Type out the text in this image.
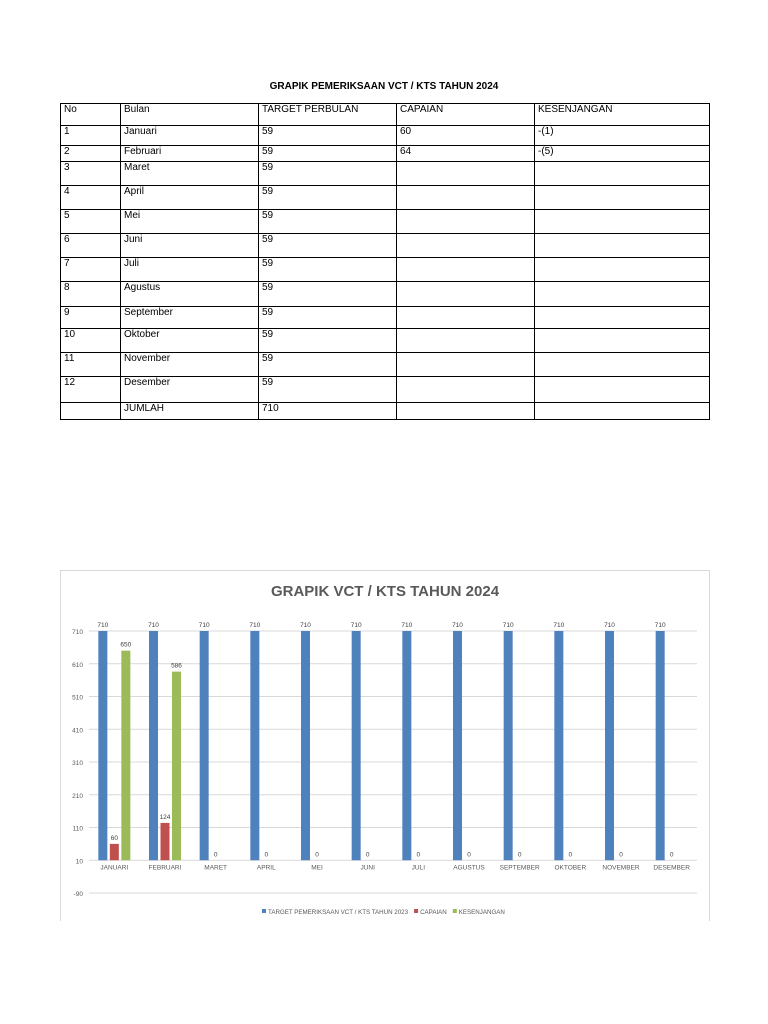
GRAPIK PEMERIKSAAN VCT / KTS TAHUN 2024
No	Bulan	TARGET PERBULAN	CAPAIAN	KESENJANGAN
1	Januari	59	60	-(1)
2	Februari	59	64	-(5)
3	Maret	59		
4	April	59		
5	Mei	59		
6	Juni	59		
7	Juli	59		
8	Agustus	59		
9	September	59		
10	Oktober	59		
11	November	59		
12	Desember	59		
	JUMLAH	710		
GRAPIK VCT / KTS TAHUN 2024
-90
10
110
210
310
410
510
610
710
710
60
650
JANUARI
710
124
586
FEBRUARI
710
0
MARET
710
0
APRIL
710
0
MEI
710
0
JUNI
710
0
JULI
710
0
AGUSTUS
710
0
SEPTEMBER
710
0
OKTOBER
710
0
NOVEMBER
710
0
DESEMBER
TARGET PEMERIKSAAN VCT / KTS TAHUN 2023 CAPAIAN KESENJANGAN
